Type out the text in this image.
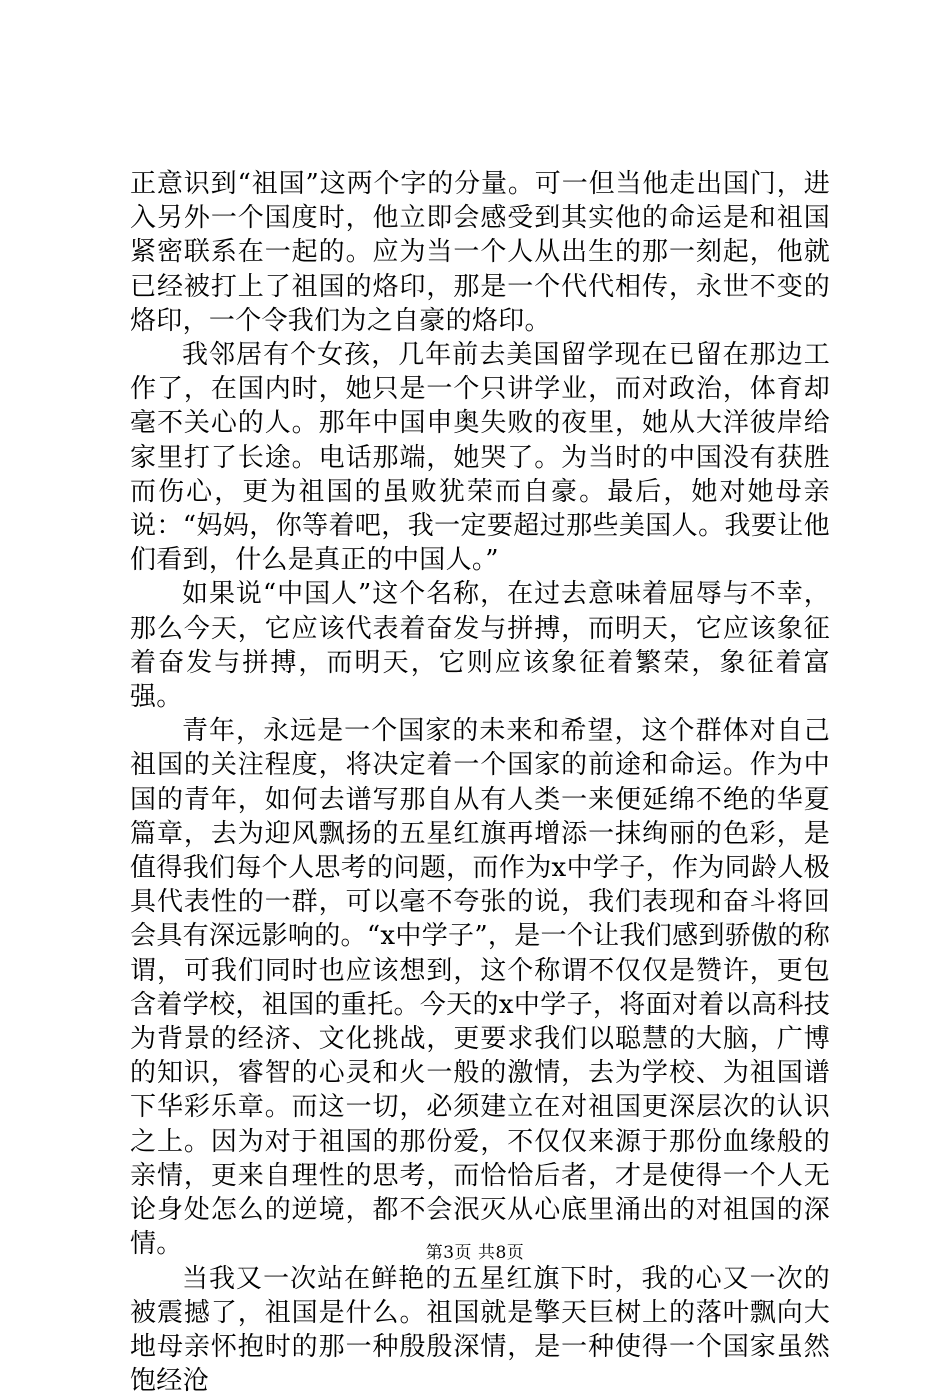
正意识到“祖国”这两个字的分量。可一但当他走出国门，进入另外一个国度时，他立即会感受到其实他的命运是和祖国紧密联系在一起的。应为当一个人从出生的那一刻起，他就已经被打上了祖国的烙印，那是一个代代相传，永世不变的烙印，一个令我们为之自豪的烙印。

我邻居有个女孩，几年前去美国留学现在已留在那边工作了，在国内时，她只是一个只讲学业，而对政治，体育却毫不关心的人。那年中国申奥失败的夜里，她从大洋彼岸给家里打了长途。电话那端，她哭了。为当时的中国没有获胜而伤心，更为祖国的虽败犹荣而自豪。最后，她对她母亲说：“妈妈，你等着吧，我一定要超过那些美国人。我要让他们看到，什么是真正的中国人。”

如果说“中国人”这个名称，在过去意味着屈辱与不幸，那么今天，它应该代表着奋发与拼搏，而明天，它应该象征着奋发与拼搏，而明天，它则应该象征着繁荣，象征着富强。

青年，永远是一个国家的未来和希望，这个群体对自己祖国的关注程度，将决定着一个国家的前途和命运。作为中国的青年，如何去谱写那自从有人类一来便延绵不绝的华夏篇章，去为迎风飘扬的五星红旗再增添一抹绚丽的色彩，是值得我们每个人思考的问题，而作为x中学子，作为同龄人极具代表性的一群，可以毫不夸张的说，我们表现和奋斗将回会具有深远影响的。“x中学子”，是一个让我们感到骄傲的称谓，可我们同时也应该想到，这个称谓不仅仅是赞许，更包含着学校，祖国的重托。今天的x中学子，将面对着以高科技为背景的经济、文化挑战，更要求我们以聪慧的大脑，广博的知识，睿智的心灵和火一般的激情，去为学校、为祖国谱下华彩乐章。而这一切，必须建立在对祖国更深层次的认识之上。因为对于祖国的那份爱，不仅仅来源于那份血缘般的亲情，更来自理性的思考，而恰恰后者，才是使得一个人无论身处怎么的逆境，都不会泯灭从心底里涌出的对祖国的深情。

当我又一次站在鲜艳的五星红旗下时，我的心又一次的被震撼了，祖国是什么。祖国就是擎天巨树上的落叶飘向大地母亲怀抱时的那一种殷殷深情，是一种使得一个国家虽然饱经沧

第3页 共8页
